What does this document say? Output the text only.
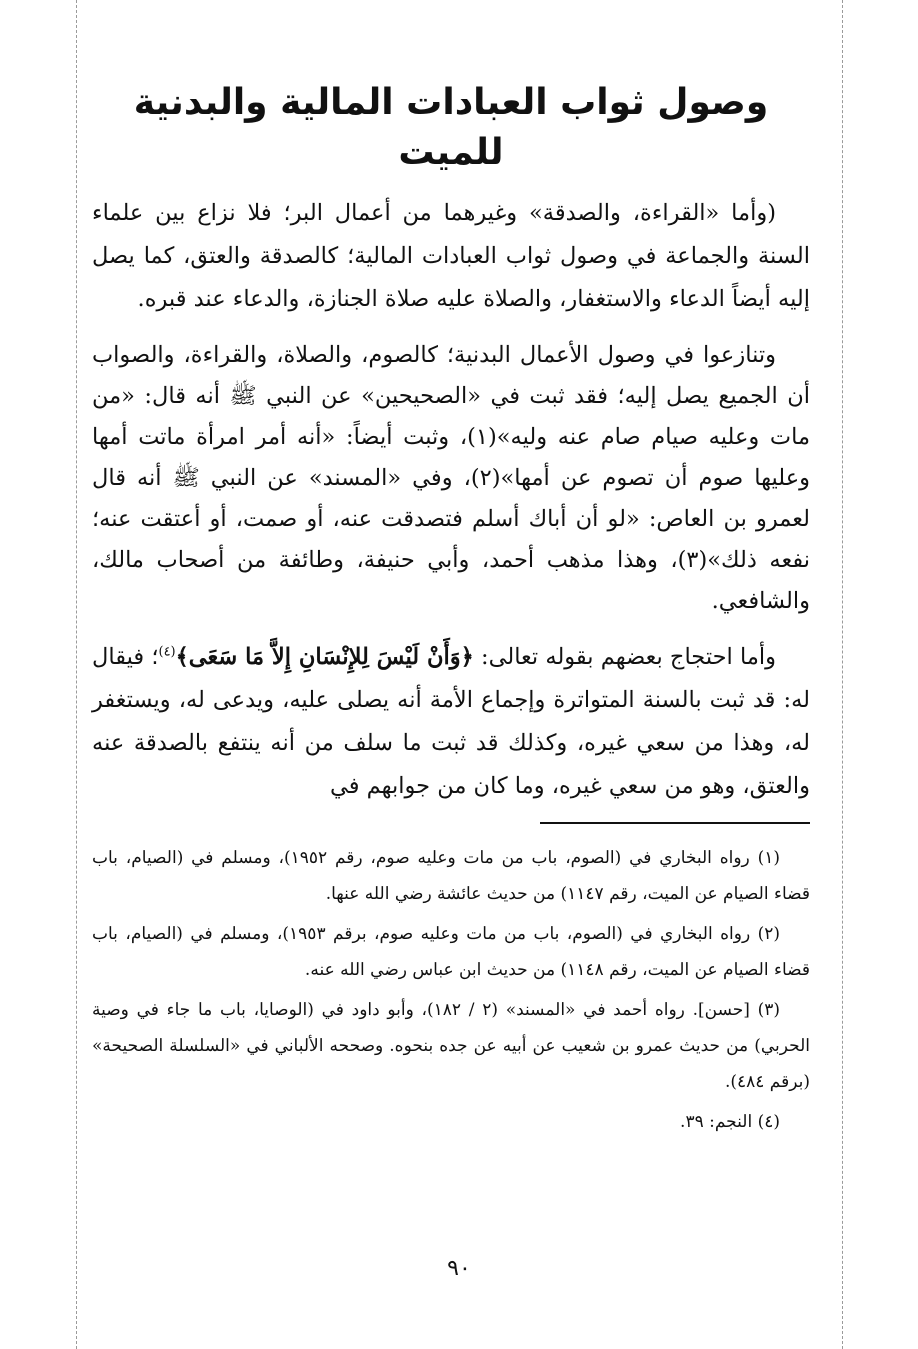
وصول ثواب العبادات المالية والبدنية للميت

(وأما «القراءة، والصدقة» وغيرهما من أعمال البر؛ فلا نزاع بين علماء السنة والجماعة في وصول ثواب العبادات المالية؛ كالصدقة والعتق، كما يصل إليه أيضاً الدعاء والاستغفار، والصلاة عليه صلاة الجنازة، والدعاء عند قبره.

وتنازعوا في وصول الأعمال البدنية؛ كالصوم، والصلاة، والقراءة، والصواب أن الجميع يصل إليه؛ فقد ثبت في «الصحيحين» عن النبي ﷺ أنه قال: «من مات وعليه صيام صام عنه وليه»(١)، وثبت أيضاً: «أنه أمر امرأة ماتت أمها وعليها صوم أن تصوم عن أمها»(٢)، وفي «المسند» عن النبي ﷺ أنه قال لعمرو بن العاص: «لو أن أباك أسلم فتصدقت عنه، أو صمت، أو أعتقت عنه؛ نفعه ذلك»(٣)، وهذا مذهب أحمد، وأبي حنيفة، وطائفة من أصحاب مالك، والشافعي.

وأما احتجاج بعضهم بقوله تعالى: ﴿وَأَنْ لَيْسَ لِلإِنْسَانِ إِلاَّ مَا سَعَى﴾$^{(٤)}$؛ فيقال له: قد ثبت بالسنة المتواترة وإجماع الأمة أنه يصلى عليه، ويدعى له، ويستغفر له، وهذا من سعي غيره، وكذلك قد ثبت ما سلف من أنه ينتفع بالصدقة عنه والعتق، وهو من سعي غيره، وما كان من جوابهم في

(١) رواه البخاري في (الصوم، باب من مات وعليه صوم، رقم ١٩٥٢)، ومسلم في (الصيام، باب قضاء الصيام عن الميت، رقم ١١٤٧) من حديث عائشة رضي الله عنها.

(٢) رواه البخاري في (الصوم، باب من مات وعليه صوم، برقم ١٩٥٣)، ومسلم في (الصيام، باب قضاء الصيام عن الميت، رقم ١١٤٨) من حديث ابن عباس رضي الله عنه.

(٣) [حسن]. رواه أحمد في «المسند» (٢ / ١٨٢)، وأبو داود في (الوصايا، باب ما جاء في وصية الحربي) من حديث عمرو بن شعيب عن أبيه عن جده بنحوه. وصححه الألباني في «السلسلة الصحيحة» (برقم ٤٨٤).

(٤) النجم: ٣٩.

٩٠
